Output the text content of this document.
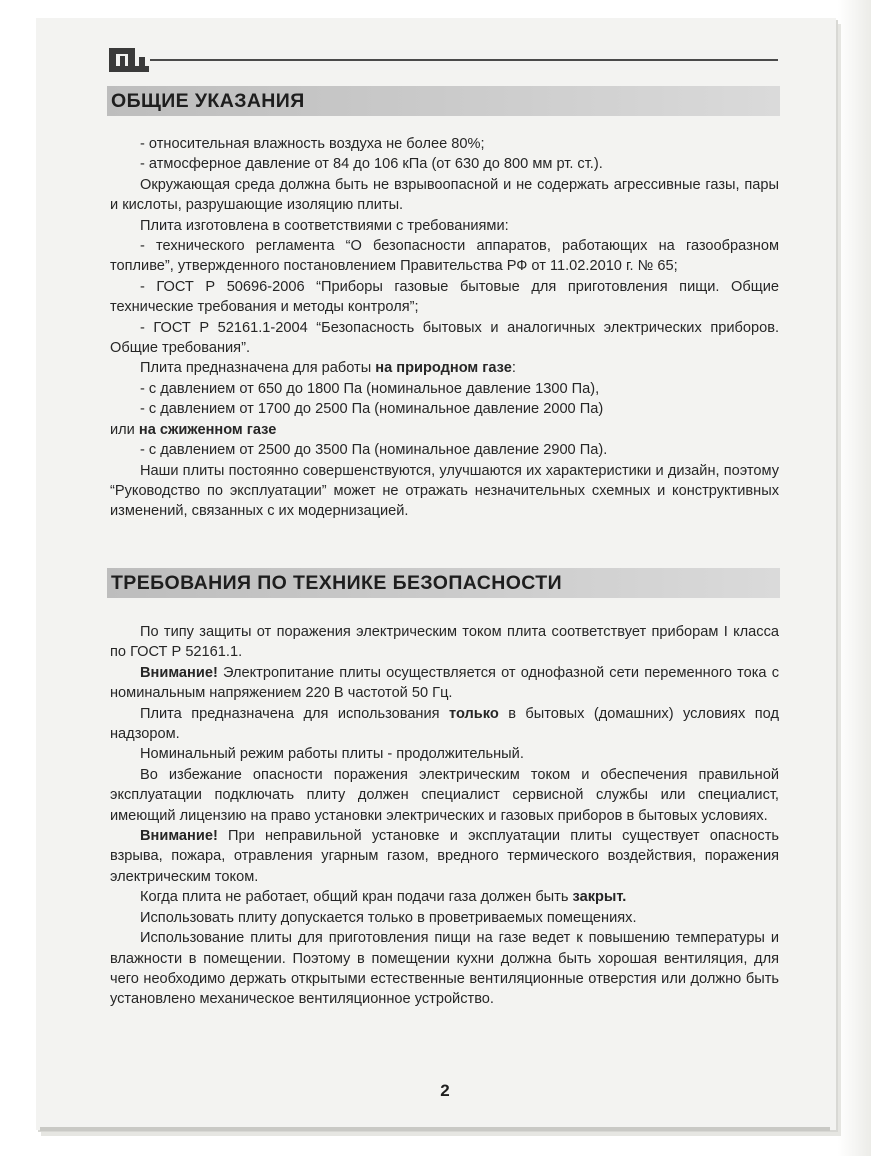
ОБЩИЕ УКАЗАНИЯ

- относительная влажность воздуха не более 80%;

- атмосферное давление от 84 до 106 кПа (от 630 до 800 мм рт. ст.).

Окружающая среда должна быть не взрывоопасной и не содержать агрессивные газы, пары и кислоты, разрушающие изоляцию плиты.

Плита изготовлена в соответствиями с требованиями:

- технического регламента “О безопасности аппаратов, работающих на газообразном топливе”, утвержденного постановлением Правительства РФ от 11.02.2010 г. № 65;

- ГОСТ Р 50696-2006 “Приборы газовые бытовые для приготовления пищи. Общие технические требования и методы контроля”;

- ГОСТ Р 52161.1-2004 “Безопасность бытовых и аналогичных электрических приборов. Общие требования”.

Плита предназначена для работы на природном газе:

- с давлением от 650 до 1800 Па (номинальное давление 1300 Па),

- с давлением от 1700 до 2500 Па (номинальное давление 2000 Па)

или на сжиженном газе

- с давлением от 2500 до 3500 Па (номинальное давление 2900 Па).

Наши плиты постоянно совершенствуются, улучшаются их характеристики и дизайн, поэтому “Руководство по эксплуатации” может не отражать незначительных схемных и конструктивных изменений, связанных с их модернизацией.

ТРЕБОВАНИЯ ПО ТЕХНИКЕ БЕЗОПАСНОСТИ

По типу защиты от поражения электрическим током плита соответствует приборам I класса по ГОСТ Р 52161.1.

Внимание! Электропитание плиты осуществляется от однофазной сети переменного тока с номинальным напряжением 220 В частотой 50 Гц.

Плита предназначена для использования только в бытовых (домашних) условиях под надзором.

Номинальный режим работы плиты - продолжительный.

Во избежание опасности поражения электрическим током и обеспечения правильной эксплуатации подключать плиту должен специалист сервисной службы или специалист, имеющий лицензию на право установки электрических и газовых приборов в бытовых условиях.

Внимание! При неправильной установке и эксплуатации плиты существует опасность взрыва, пожара, отравления угарным газом, вредного термического воздействия, поражения электрическим током.

Когда плита не работает, общий кран подачи газа должен быть закрыт.

Использовать плиту допускается только в проветриваемых помещениях.

Использование плиты для приготовления пищи на газе ведет к повышению температуры и влажности в помещении. Поэтому в помещении кухни должна быть хорошая вентиляция, для чего необходимо держать открытыми естественные вентиляционные отверстия или должно быть установлено механическое вентиляционное устройство.

2
